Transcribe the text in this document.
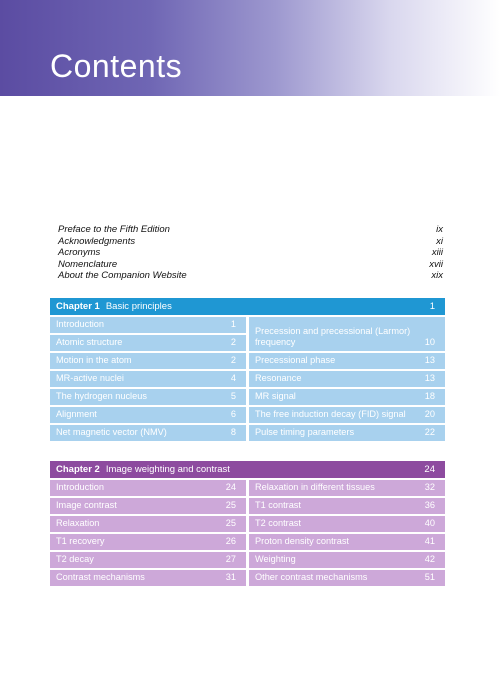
Contents
Preface to the Fifth Edition	ix
Acknowledgments	xi
Acronyms	xiii
Nomenclature	xvii
About the Companion Website	xix
Chapter 1 Basic principles	1
Introduction	1
Atomic structure	2
Motion in the atom	2
MR-active nuclei	4
The hydrogen nucleus	5
Alignment	6
Net magnetic vector (NMV)	8
Precession and precessional (Larmor) frequency	10
Precessional phase	13
Resonance	13
MR signal	18
The free induction decay (FID) signal	20
Pulse timing parameters	22
Chapter 2 Image weighting and contrast	24
Introduction	24
Image contrast	25
Relaxation	25
T1 recovery	26
T2 decay	27
Contrast mechanisms	31
Relaxation in different tissues	32
T1 contrast	36
T2 contrast	40
Proton density contrast	41
Weighting	42
Other contrast mechanisms	51
